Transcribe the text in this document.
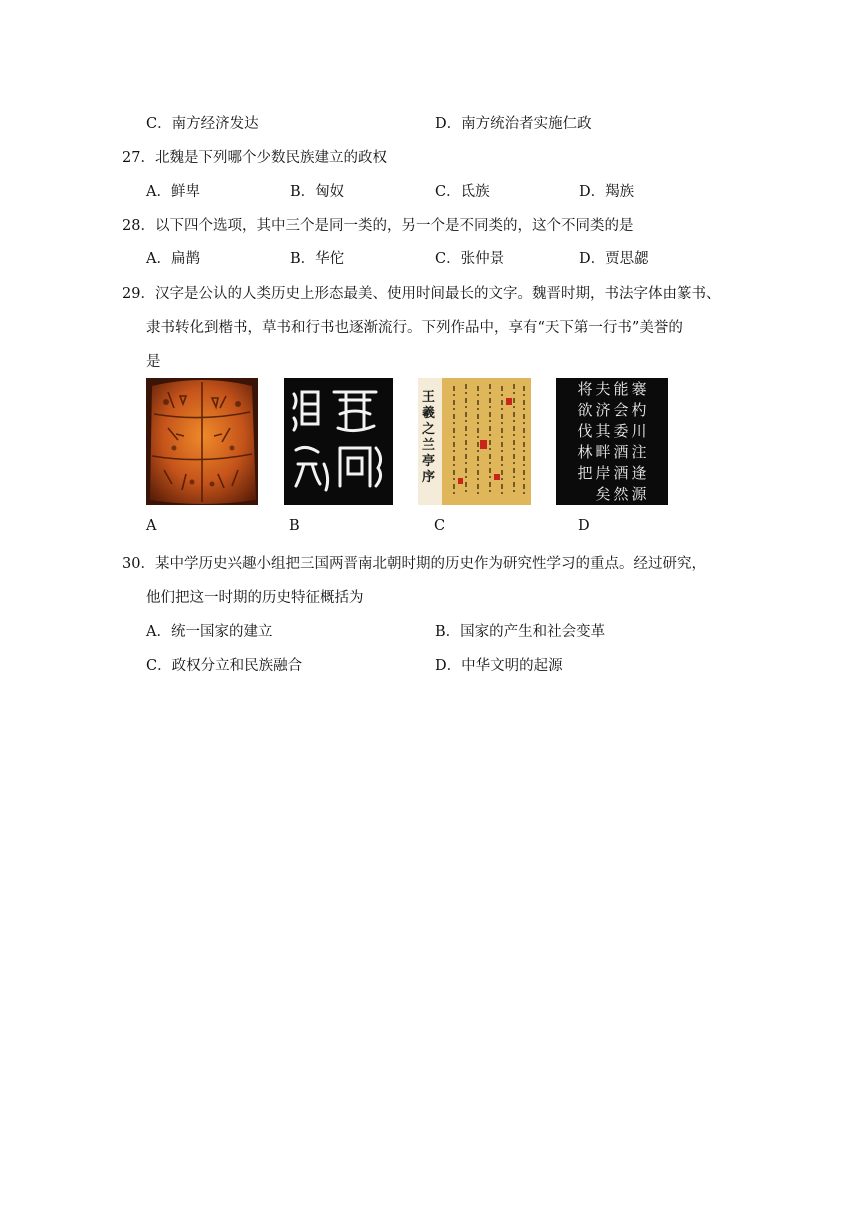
C．南方经济发达	D．南方统治者实施仁政
27．北魏是下列哪个少数民族建立的政权
A．鲜卑	B．匈奴	C．氐族	D．羯族
28．以下四个选项，其中三个是同一类的，另一个是不同类的，这个不同类的是
A．扁鹊	B．华佗	C．张仲景	D．贾思勰
29．汉字是公认的人类历史上形态最美、使用时间最长的文字。魏晋时期，书法字体由篆书、
隶书转化到楷书，草书和行书也逐渐流行。下列作品中，享有“天下第一行书”美誉的
是
王羲之兰亭序
褰
杓
川
注
逢
源
能
会
委
酒
酒
然
夫
济
其
畔
岸
矣
将
欲
伐
林
把
A	B	C	D
30．某中学历史兴趣小组把三国两晋南北朝时期的历史作为研究性学习的重点。经过研究，
他们把这一时期的历史特征概括为
A．统一国家的建立	B．国家的产生和社会变革
C．政权分立和民族融合	D．中华文明的起源
